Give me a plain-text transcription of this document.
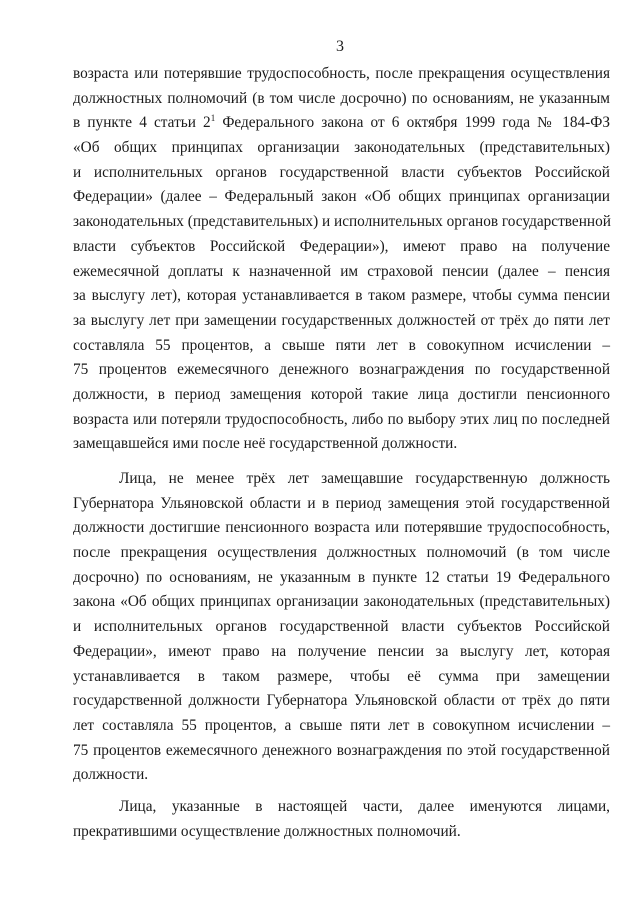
3
возраста или потерявшие трудоспособность, после прекращения осуществления
должностных полномочий (в том числе досрочно) по основаниям, не указанным
в пункте 4 статьи $2^1$ Федерального закона от 6 октября 1999 года № 184-ФЗ
«Об общих принципах организации законодательных (представительных)
и исполнительных органов государственной власти субъектов Российской
Федерации» (далее – Федеральный закон «Об общих принципах организации
законодательных (представительных) и исполнительных органов государственной
власти субъектов Российской Федерации»), имеют право на получение
ежемесячной доплаты к назначенной им страховой пенсии (далее – пенсия
за выслугу лет), которая устанавливается в таком размере, чтобы сумма пенсии
за выслугу лет при замещении государственных должностей от трёх до пяти лет
составляла 55 процентов, а свыше пяти лет в совокупном исчислении –
75 процентов ежемесячного денежного вознаграждения по государственной
должности, в период замещения которой такие лица достигли пенсионного
возраста или потеряли трудоспособность, либо по выбору этих лиц по последней
замещавшейся ими после неё государственной должности.
Лица, не менее трёх лет замещавшие государственную должность
Губернатора Ульяновской области и в период замещения этой государственной
должности достигшие пенсионного возраста или потерявшие трудоспособность,
после прекращения осуществления должностных полномочий (в том числе
досрочно) по основаниям, не указанным в пункте 12 статьи 19 Федерального
закона «Об общих принципах организации законодательных (представительных)
и исполнительных органов государственной власти субъектов Российской
Федерации», имеют право на получение пенсии за выслугу лет, которая
устанавливается в таком размере, чтобы её сумма при замещении
государственной должности Губернатора Ульяновской области от трёх до пяти
лет составляла 55 процентов, а свыше пяти лет в совокупном исчислении –
75 процентов ежемесячного денежного вознаграждения по этой государственной
должности.
Лица, указанные в настоящей части, далее именуются лицами,
прекратившими осуществление должностных полномочий.
